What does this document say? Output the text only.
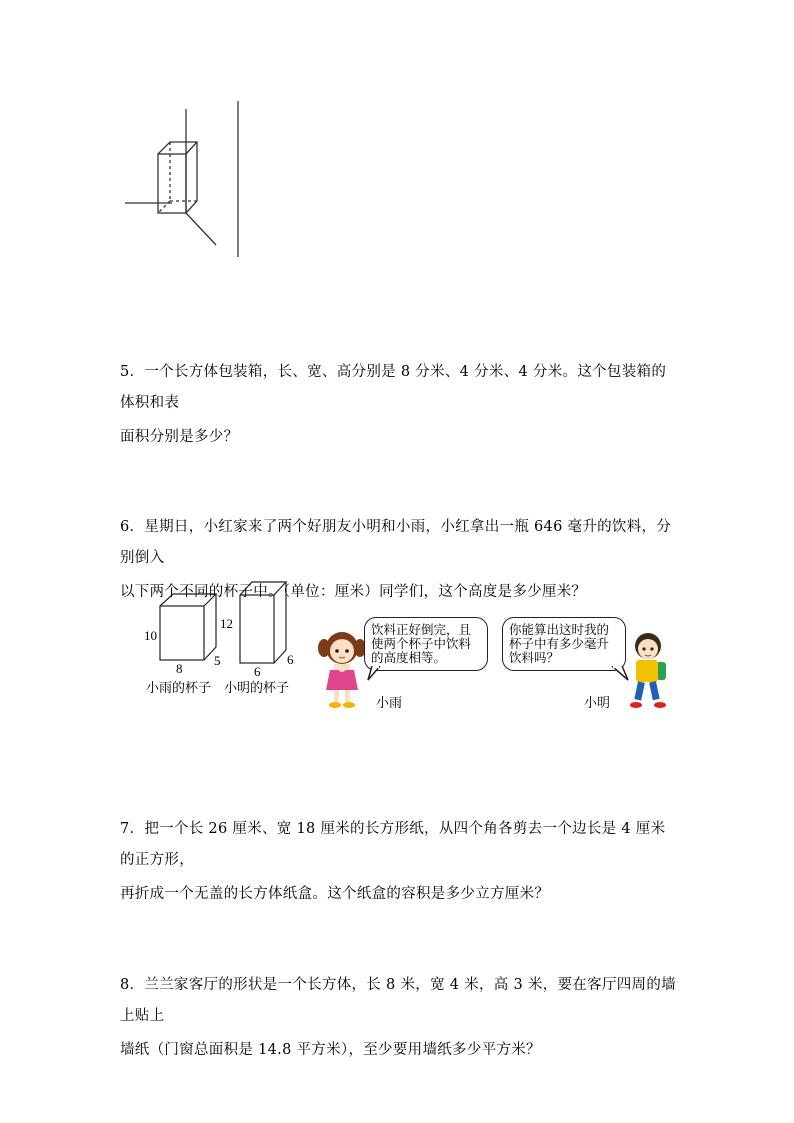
5．一个长方体包装箱，长、宽、高分别是 8 分米、4 分米、4 分米。这个包装箱的体积和表
面积分别是多少？
6．星期日，小红家来了两个好朋友小明和小雨，小红拿出一瓶 646 毫升的饮料，分别倒入
以下两个不同的杯子中。（单位：厘米）同学们，这个高度是多少厘米？
10
8
5
小雨的杯子
12
6
6
小明的杯子
饮料正好倒完，且使两个杯子中饮料的高度相等。
你能算出这时我的杯子中有多少毫升饮料吗？
小雨	小明
7．把一个长 26 厘米、宽 18 厘米的长方形纸，从四个角各剪去一个边长是 4 厘米的正方形，
再折成一个无盖的长方体纸盒。这个纸盒的容积是多少立方厘米？
8．兰兰家客厅的形状是一个长方体，长 8 米，宽 4 米，高 3 米，要在客厅四周的墙上贴上
墙纸（门窗总面积是 14.8 平方米），至少要用墙纸多少平方米？
